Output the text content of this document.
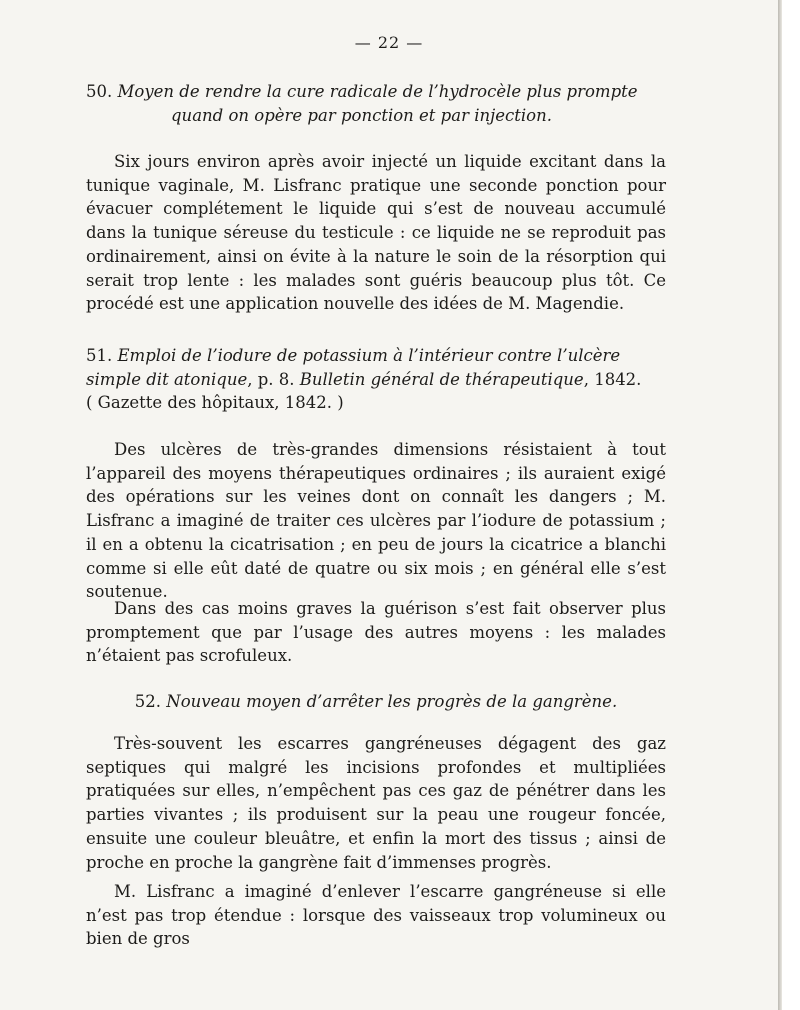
— 22 —
50. Moyen de rendre la cure radicale de l’hydrocèle plus prompte
quand on opère par ponction et par injection.
Six jours environ après avoir injecté un liquide excitant dans la tunique vaginale, M. Lisfranc pratique une seconde ponction pour évacuer complétement le liquide qui s’est de nouveau accumulé dans la tunique séreuse du testicule : ce liquide ne se reproduit pas ordinairement, ainsi on évite à la nature le soin de la résorption qui serait trop lente : les malades sont guéris beaucoup plus tôt. Ce procédé est une application nouvelle des idées de M. Magendie.
51. Emploi de l’iodure de potassium à l’intérieur contre l’ulcère simple dit atonique, p. 8. Bulletin général de thérapeutique, 1842.
( Gazette des hôpitaux, 1842. )
Des ulcères de très-grandes dimensions résistaient à tout l’appareil des moyens thérapeutiques ordinaires ; ils auraient exigé des opérations sur les veines dont on connaît les dangers ; M. Lisfranc a imaginé de traiter ces ulcères par l’iodure de potassium ; il en a obtenu la cicatrisation ; en peu de jours la cicatrice a blanchi comme si elle eût daté de quatre ou six mois ; en général elle s’est soutenue.
Dans des cas moins graves la guérison s’est fait observer plus promptement que par l’usage des autres moyens : les malades n’étaient pas scrofuleux.
52. Nouveau moyen d’arrêter les progrès de la gangrène.
Très-souvent les escarres gangréneuses dégagent des gaz septiques qui malgré les incisions profondes et multipliées pratiquées sur elles, n’empêchent pas ces gaz de pénétrer dans les parties vivantes ; ils produisent sur la peau une rougeur foncée, ensuite une couleur bleuâtre, et enfin la mort des tissus ; ainsi de proche en proche la gangrène fait d’immenses progrès.
M. Lisfranc a imaginé d’enlever l’escarre gangréneuse si elle n’est pas trop étendue : lorsque des vaisseaux trop volumineux ou bien de gros
